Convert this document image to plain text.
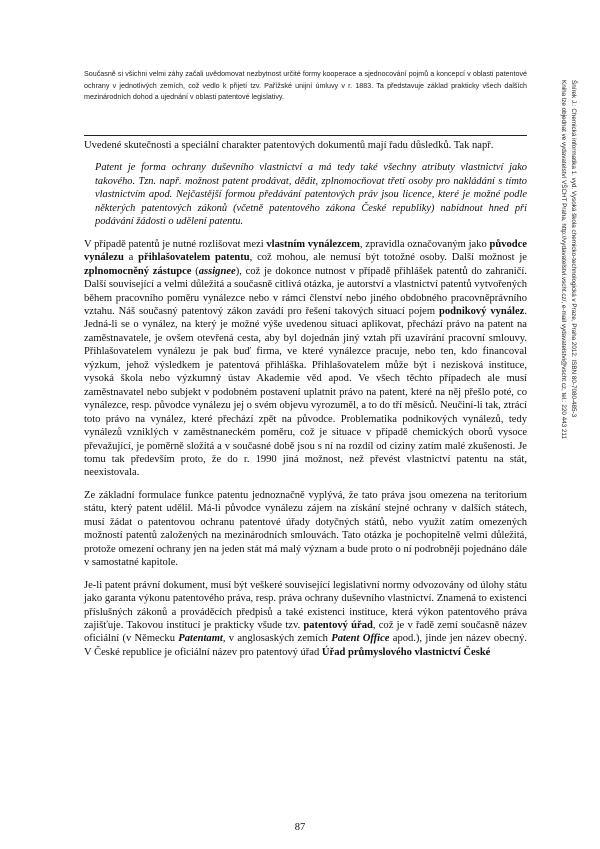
Současně si všichni velmi záhy začali uvědomovat nezbytnost určité formy kooperace a sjednocování pojmů a koncepcí v oblasti patentové ochrany v jednotlivých zemích, což vedlo k přijetí tzv. Pařížské unijní úmluvy v r. 1883. Ta představuje základ prakticky všech dalších mezinárodních dohod a ujednání v oblasti patentové legislativy.	Šnírek J.: Chemická informatika 1. vyd. Vysoká škola chemicko-technologická v Praze, Praha 2012. ISBN 80-7080-485-3
Kniha lze objednat ve vydavatelství VŠCHT Praha, http://vydavatelstvi.vscht.cz/, e-mail vydavatelstvi@vscht.cz, tel.: 220 443 211

Uvedené skutečnosti a speciální charakter patentových dokumentů mají řadu důsledků. Tak např.

Patent je forma ochrany duševního vlastnictví a má tedy také všechny atributy vlastnictví jako takového. Tzn. např. možnost patent prodávat, dědit, zplnomocňovat třetí osoby pro nakládání s tímto vlastnictvím apod. Nejčastější formou předávání patentových práv jsou licence, které je možné podle některých patentových zákonů (včetně patentového zákona České republiky) nabídnout hned při podávání žádosti o udělení patentu.

V případě patentů je nutné rozlišovat mezi vlastním vynálezcem, zpravidla označovaným jako původce vynálezu a přihlašovatelem patentu, což mohou, ale nemusí být totožné osoby. Další možnost je zplnomocněný zástupce (assignee), což je dokonce nutnost v případě přihlášek patentů do zahraničí. Další související a velmi důležitá a současně citlivá otázka, je autorství a vlastnictví patentů vytvořených během pracovního poměru vynálezce nebo v rámci členství nebo jiného obdobného pracovněprávního vztahu. Náš současný patentový zákon zavádí pro řešení takových situací pojem podnikový vynález. Jedná-li se o vynález, na který je možné výše uvedenou situaci aplikovat, přechází právo na patent na zaměstnavatele, je ovšem otevřená cesta, aby byl dojednán jiný vztah při uzavírání pracovní smlouvy. Přihlašovatelem vynálezu je pak buď firma, ve které vynálezce pracuje, nebo ten, kdo financoval výzkum, jehož výsledkem je patentová přihláška. Přihlašovatelem může být i nezisková instituce, vysoká škola nebo výzkumný ústav Akademie věd apod. Ve všech těchto případech ale musí zaměstnavatel nebo subjekt v podobném postavení uplatnit právo na patent, které na něj přešlo poté, co vynálezce, resp. původce vynálezu jej o svém objevu vyrozuměl, a to do tří měsíců. Neučiní-li tak, ztrácí toto právo na vynález, které přechází zpět na původce. Problematika podnikových vynálezů, tedy vynálezů vzniklých v zaměstnaneckém poměru, což je situace v případě chemických oborů vysoce převažující, je poměrně složitá a v současné době jsou s ní na rozdíl od ciziny zatím malé zkušenosti. Je tomu tak především proto, že do r. 1990 jiná možnost, než převést vlastnictví patentu na stát, neexistovala.

Ze základní formulace funkce patentu jednoznačně vyplývá, že tato práva jsou omezena na teritorium státu, který patent udělil. Má-li původce vynálezu zájem na získání stejné ochrany v dalších státech, musí žádat o patentovou ochranu patentové úřady dotyčných států, nebo využít zatím omezených možností patentů založených na mezinárodních smlouvách. Tato otázka je pochopitelně velmi důležitá, protože omezení ochrany jen na jeden stát má malý význam a bude proto o ní podrobněji pojednáno dále v samostatné kapitole.

Je-li patent právní dokument, musí být veškeré související legislativní normy odvozovány od úlohy státu jako garanta výkonu patentového práva, resp. práva ochrany duševního vlastnictví. Znamená to existenci příslušných zákonů a prováděcích předpisů a také existenci instituce, která výkon patentového práva zajišťuje. Takovou institucí je prakticky všude tzv. patentový úřad, což je v řadě zemí současně název oficiální (v Německu Patentamt, v anglosaských zemích Patent Office apod.), jinde jen název obecný. V České republice je oficiální název pro patentový úřad Úřad průmyslového vlastnictví České

87
